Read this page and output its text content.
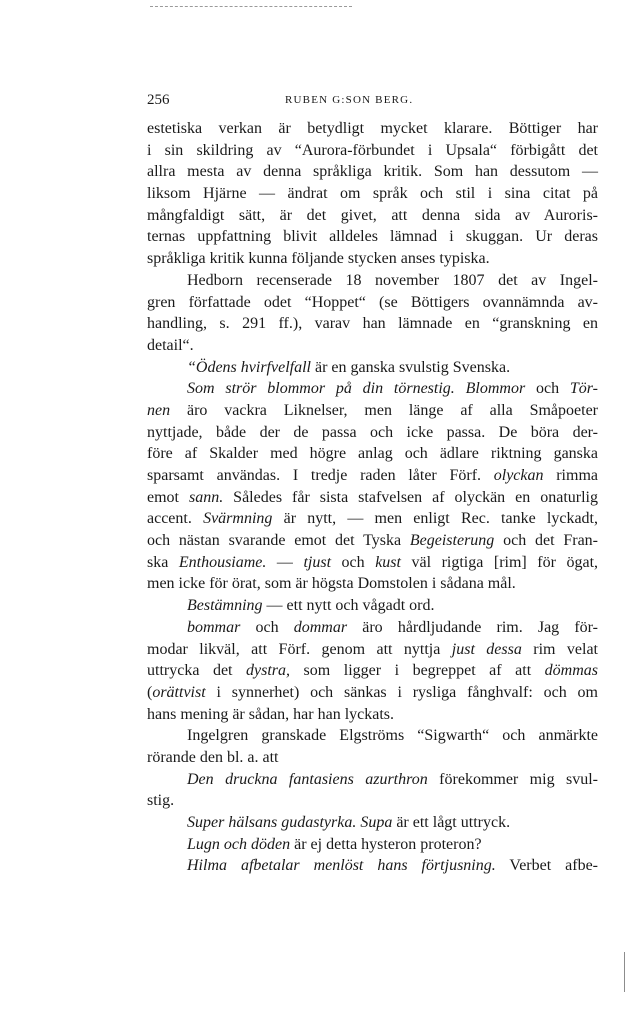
256	RUBEN G:SON BERG.
estetiska verkan är betydligt mycket klarare. Böttiger har
i sin skildring av “Aurora-förbundet i Upsala“ förbigått det
allra mesta av denna språkliga kritik. Som han dessutom —
liksom Hjärne — ändrat om språk och stil i sina citat på
mångfaldigt sätt, är det givet, att denna sida av Auroris-
ternas uppfattning blivit alldeles lämnad i skuggan. Ur deras
språkliga kritik kunna följande stycken anses typiska.
Hedborn recenserade 18 november 1807 det av Ingel-
gren författade odet “Hoppet“ (se Böttigers ovannämnda av-
handling, s. 291 ff.), varav han lämnade en “granskning en
detail“.
“Ödens hvirfvelfall är en ganska svulstig Svenska.
Som strör blommor på din törnestig. Blommor och Tör-
nen äro vackra Liknelser, men länge af alla Småpoeter
nyttjade, både der de passa och icke passa. De böra der-
före af Skalder med högre anlag och ädlare riktning ganska
sparsamt användas. I tredje raden låter Förf. olyckan rimma
emot sann. Således får sista stafvelsen af olyckän en onaturlig
accent. Svärmning är nytt, — men enligt Rec. tanke lyckadt,
och nästan svarande emot det Tyska Begeisterung och det Fran-
ska Enthousiame. — tjust och kust väl rigtiga [rim] för ögat,
men icke för örat, som är högsta Domstolen i sådana mål.
Bestämning — ett nytt och vågadt ord.
bommar och dommar äro hårdljudande rim. Jag för-
modar likväl, att Förf. genom att nyttja just dessa rim velat
uttrycka det dystra, som ligger i begreppet af att dömmas
(orättvist i synnerhet) och sänkas i rysliga fånghvalf: och om
hans mening är sådan, har han lyckats.
Ingelgren granskade Elgströms “Sigwarth“ och anmärkte
rörande den bl. a. att
Den druckna fantasiens azurthron förekommer mig svul-
stig.
Super hälsans gudastyrka. Supa är ett lågt uttryck.
Lugn och döden är ej detta hysteron proteron?
Hilma afbetalar menlöst hans förtjusning. Verbet afbe-
